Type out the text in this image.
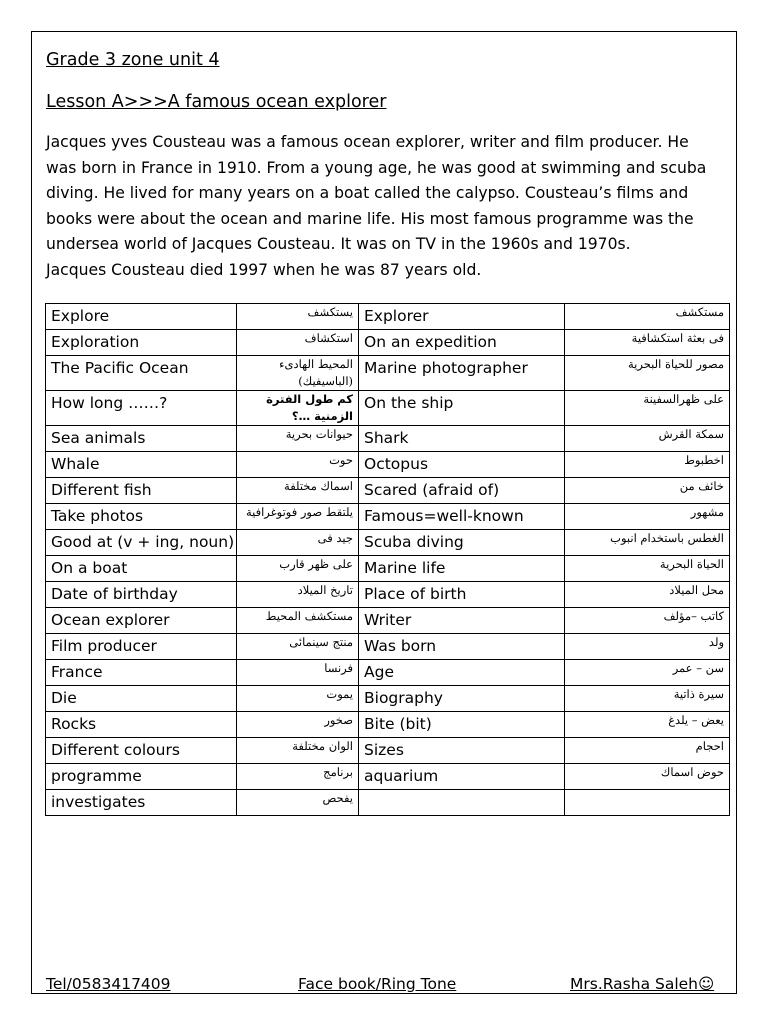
Grade 3 zone unit 4
Lesson A>>>A famous ocean explorer
Jacques yves Cousteau was a famous ocean explorer, writer and film producer. He
was born in France in 1910. From a young age, he was good at swimming and scuba
diving. He lived for many years on a boat called the calypso. Cousteau’s films and
books were about the ocean and marine life. His most famous programme was the
undersea world of Jacques Cousteau. It was on TV in the 1960s and 1970s.
Jacques Cousteau died 1997 when he was 87 years old.
Explore	يستكشف	Explorer	مستكشف
Exploration	استكشاف	On an expedition	فى بعثة استكشافية
The Pacific Ocean	المحيط الهادىء (الباسيفيك)	Marine photographer	مصور للحياة البحرية
How long ……?	كم طول الفترة الزمنية …؟	On the ship	على ظهرالسفينة
Sea animals	حيوانات بحرية	Shark	سمكة القرش
Whale	حوت	Octopus	اخطبوط
Different fish	اسماك مختلفة	Scared (afraid of)	خائف من
Take photos	يلتقط صور فوتوغرافية	Famous=well-known	مشهور
Good at (v + ing, noun)	جيد فى	Scuba diving	الغطس باستخدام انبوب
On a boat	على ظهر قارب	Marine life	الحياة البحرية
Date of birthday	تاريخ الميلاد	Place of birth	محل الميلاد
Ocean explorer	مستكشف المحيط	Writer	كاتب –مؤلف
Film producer	منتج سينمائى	Was born	ولد
France	فرنسا	Age	سن – عمر
Die	يموت	Biography	سيرة ذاتية
Rocks	صخور	Bite (bit)	يعض – يلدغ
Different colours	الوان مختلفة	Sizes	احجام
programme	برنامج	aquarium	حوض اسماك
investigates	يفحص		
Tel/0583417409	Face book/Ring Tone	Mrs.Rasha Saleh☺
